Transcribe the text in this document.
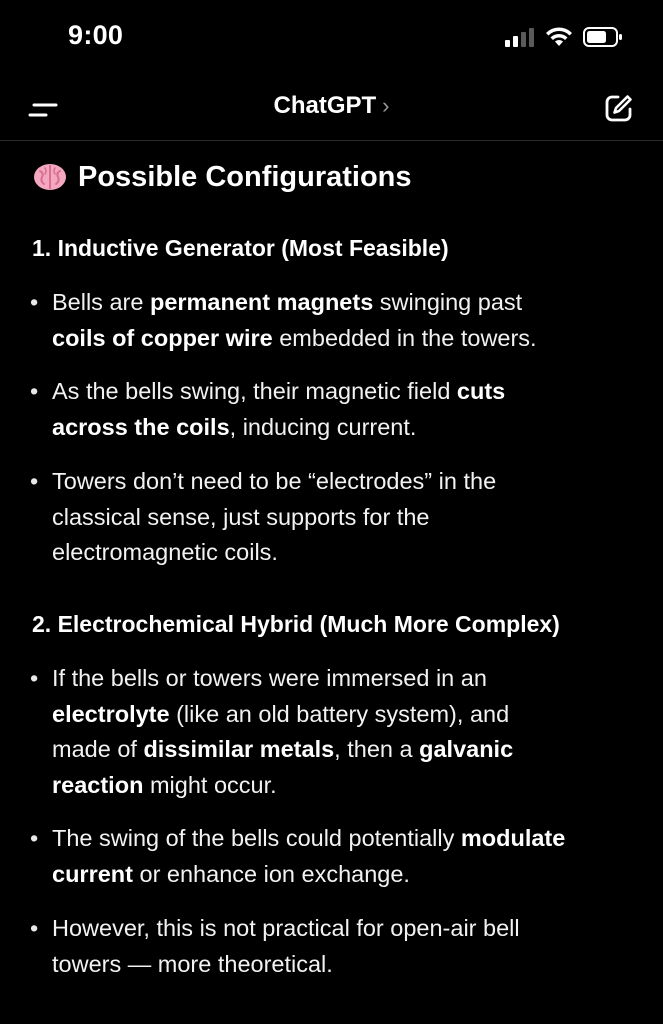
9:00
ChatGPT ›
Possible Configurations
1. Inductive Generator (Most Feasible)
• Bells are permanent magnets swinging past
coils of copper wire embedded in the towers.
• As the bells swing, their magnetic field cuts
across the coils, inducing current.
• Towers don’t need to be “electrodes” in the
classical sense, just supports for the
electromagnetic coils.
2. Electrochemical Hybrid (Much More Complex)
• If the bells or towers were immersed in an
electrolyte (like an old battery system), and
made of dissimilar metals, then a galvanic
reaction might occur.
• The swing of the bells could potentially modulate
current or enhance ion exchange.
• However, this is not practical for open-air bell
towers — more theoretical.
